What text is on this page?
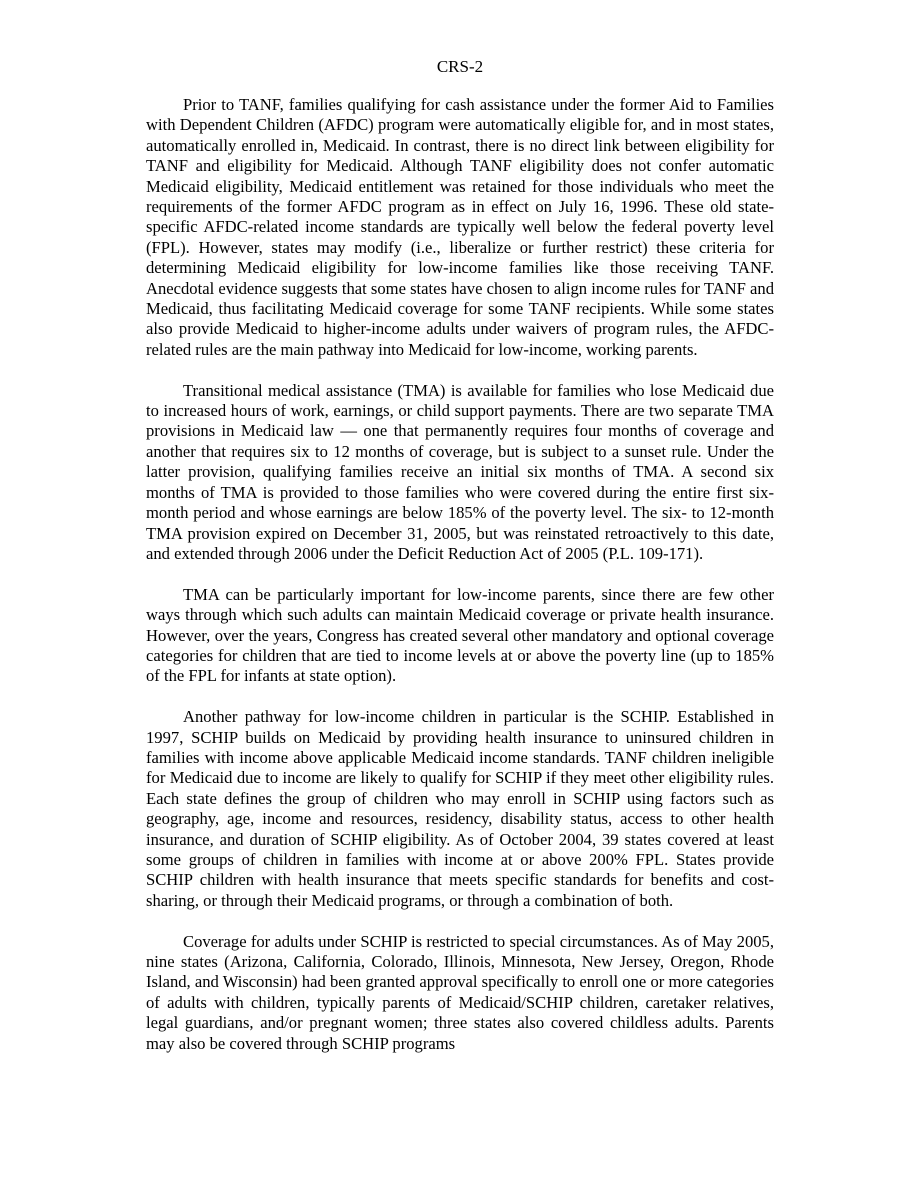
CRS-2

Prior to TANF, families qualifying for cash assistance under the former Aid to Families with Dependent Children (AFDC) program were automatically eligible for, and in most states, automatically enrolled in, Medicaid. In contrast, there is no direct link between eligibility for TANF and eligibility for Medicaid. Although TANF eligibility does not confer automatic Medicaid eligibility, Medicaid entitlement was retained for those individuals who meet the requirements of the former AFDC program as in effect on July 16, 1996. These old state-specific AFDC-related income standards are typically well below the federal poverty level (FPL). However, states may modify (i.e., liberalize or further restrict) these criteria for determining Medicaid eligibility for low-income families like those receiving TANF. Anecdotal evidence suggests that some states have chosen to align income rules for TANF and Medicaid, thus facilitating Medicaid coverage for some TANF recipients. While some states also provide Medicaid to higher-income adults under waivers of program rules, the AFDC-related rules are the main pathway into Medicaid for low-income, working parents.

Transitional medical assistance (TMA) is available for families who lose Medicaid due to increased hours of work, earnings, or child support payments. There are two separate TMA provisions in Medicaid law — one that permanently requires four months of coverage and another that requires six to 12 months of coverage, but is subject to a sunset rule. Under the latter provision, qualifying families receive an initial six months of TMA. A second six months of TMA is provided to those families who were covered during the entire first six-month period and whose earnings are below 185% of the poverty level. The six- to 12-month TMA provision expired on December 31, 2005, but was reinstated retroactively to this date, and extended through 2006 under the Deficit Reduction Act of 2005 (P.L. 109-171).

TMA can be particularly important for low-income parents, since there are few other ways through which such adults can maintain Medicaid coverage or private health insurance. However, over the years, Congress has created several other mandatory and optional coverage categories for children that are tied to income levels at or above the poverty line (up to 185% of the FPL for infants at state option).

Another pathway for low-income children in particular is the SCHIP. Established in 1997, SCHIP builds on Medicaid by providing health insurance to uninsured children in families with income above applicable Medicaid income standards. TANF children ineligible for Medicaid due to income are likely to qualify for SCHIP if they meet other eligibility rules. Each state defines the group of children who may enroll in SCHIP using factors such as geography, age, income and resources, residency, disability status, access to other health insurance, and duration of SCHIP eligibility. As of October 2004, 39 states covered at least some groups of children in families with income at or above 200% FPL. States provide SCHIP children with health insurance that meets specific standards for benefits and cost-sharing, or through their Medicaid programs, or through a combination of both.

Coverage for adults under SCHIP is restricted to special circumstances. As of May 2005, nine states (Arizona, California, Colorado, Illinois, Minnesota, New Jersey, Oregon, Rhode Island, and Wisconsin) had been granted approval specifically to enroll one or more categories of adults with children, typically parents of Medicaid/SCHIP children, caretaker relatives, legal guardians, and/or pregnant women; three states also covered childless adults. Parents may also be covered through SCHIP programs
